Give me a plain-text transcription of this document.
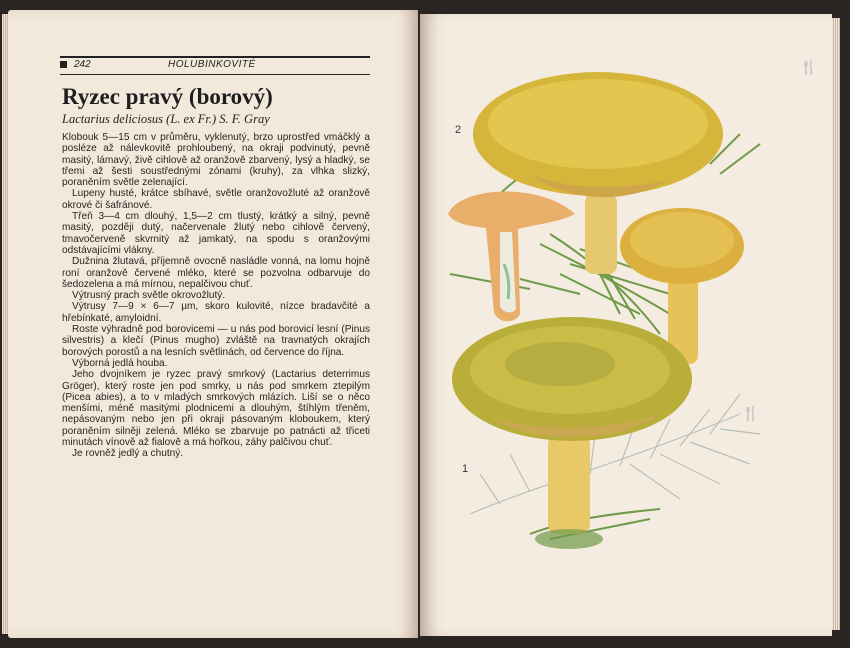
242	HOLUBINKOVITÉ
Ryzec pravý (borový)
Lactarius deliciosus (L. ex Fr.) S. F. Gray

Klobouk 5—15 cm v průměru, vyklenutý, brzo uprostřed vmáčklý a posléze až nálevkovitě prohloubený, na okraji podvinutý, pevně masitý, lámavý, živě cihlově až oranžově zbarvený, lysý a hladký, se třemi až šesti soustřednými zónami (kruhy), za vlhka slizký, poraněním světle zelenající.

Lupeny husté, krátce sbíhavé, světle oranžovožluté až oranžově okrové či šafránové.

Třeň 3—4 cm dlouhý, 1,5—2 cm tlustý, krátký a silný, pevně masitý, později dutý, načervenale žlutý nebo cihlově červený, tmavočerveně skvrnitý až jamkatý, na spodu s oranžovými odstávajícími vlákny.

Dužnina žlutavá, příjemně ovocně nasládle vonná, na lomu hojně roní oranžově červené mléko, které se pozvolna odbarvuje do šedozelena a má mírnou, nepalčivou chuť.

Výtrusný prach světle okrovožlutý.

Výtrusy 7—9 × 6—7 µm, skoro kulovité, nízce bradavčité a hřebínkaté, amyloidní.

Roste výhradně pod borovicemi — u nás pod borovicí lesní (Pinus silvestris) a klečí (Pinus mugho) zvláště na travnatých okrajích borových porostů a na lesních světlinách, od července do října.

Výborná jedlá houba.

Jeho dvojníkem je ryzec pravý smrkový (Lactarius deterrimus Gröger), který roste jen pod smrky, u nás pod smrkem ztepilým (Picea abies), a to v mladých smrkových mlázích. Liší se o něco menšími, méně masitými plodnicemi a dlouhým, štíhlým třeněm, nepásovaným nebo jen při okraji pásovaným kloboukem, který poraněním silněji zelená. Mléko se zbarvuje po patnácti až třiceti minutách vínově až fialově a má hořkou, záhy palčivou chuť.

Je rovněž jedlý a chutný.

2
1
🍴
🍴
